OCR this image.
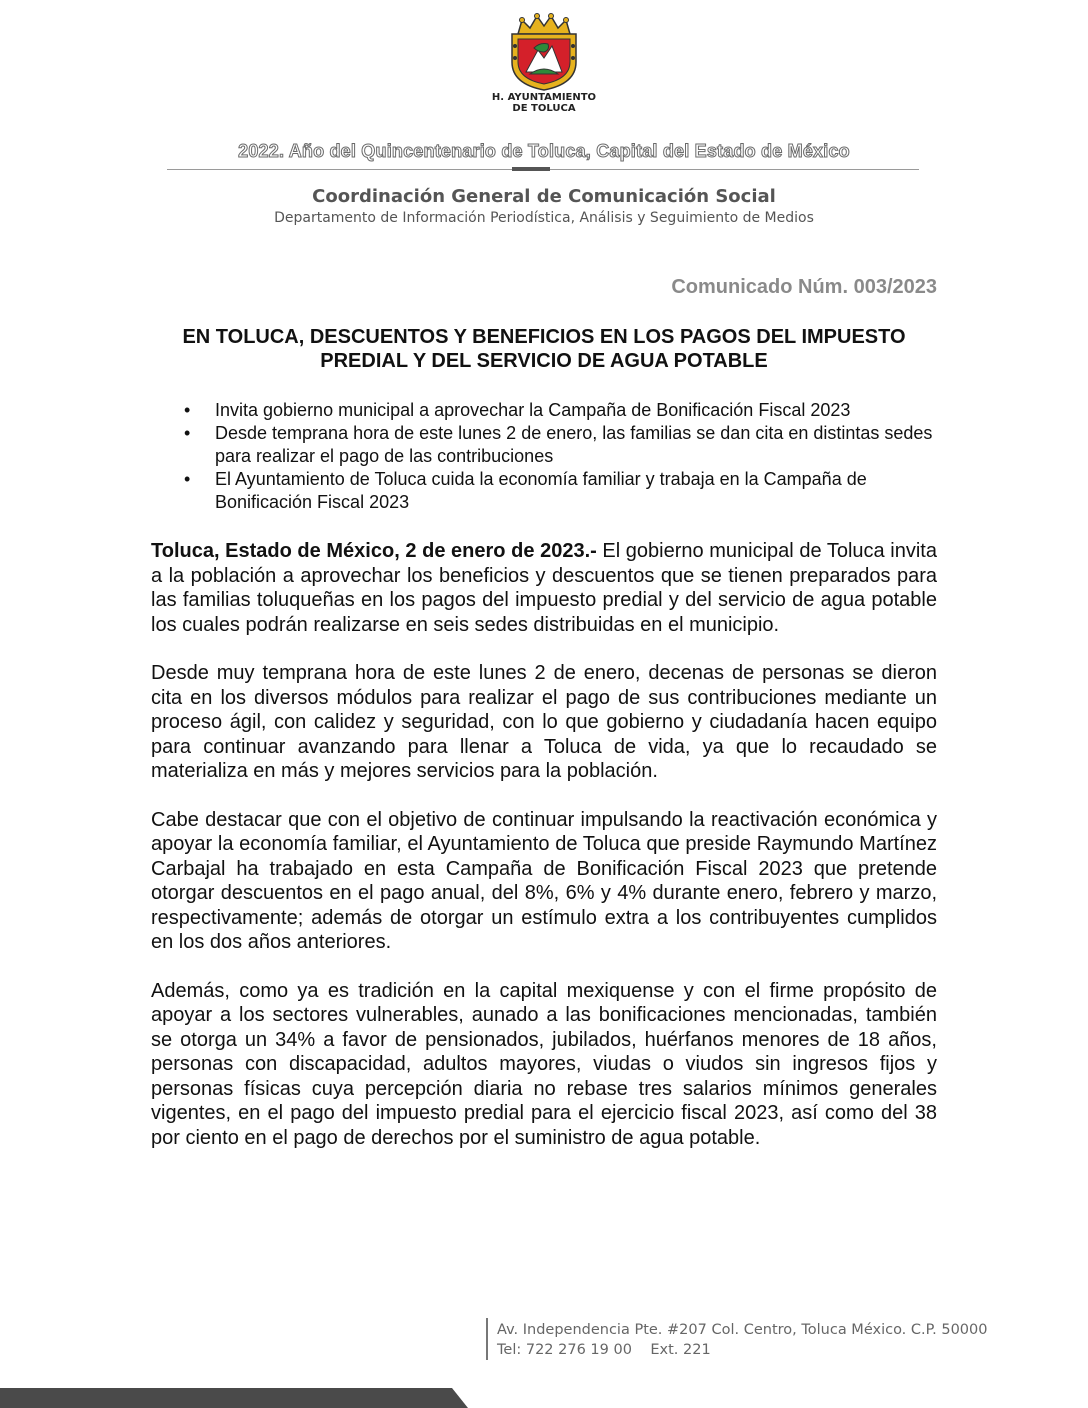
H. AYUNTAMIENTO
DE TOLUCA
2022. Año del Quincentenario de Toluca, Capital del Estado de México
Coordinación General de Comunicación Social
Departamento de Información Periodística, Análisis y Seguimiento de Medios
Comunicado Núm. 003/2023
EN TOLUCA, DESCUENTOS Y BENEFICIOS EN LOS PAGOS DEL IMPUESTO PREDIAL Y DEL SERVICIO DE AGUA POTABLE
• Invita gobierno municipal a aprovechar la Campaña de Bonificación Fiscal 2023
• Desde temprana hora de este lunes 2 de enero, las familias se dan cita en distintas sedes para realizar el pago de las contribuciones
• El Ayuntamiento de Toluca cuida la economía familiar y trabaja en la Campaña de Bonificación Fiscal 2023

Toluca, Estado de México, 2 de enero de 2023.- El gobierno municipal de Toluca invita a la población a aprovechar los beneficios y descuentos que se tienen preparados para las familias toluqueñas en los pagos del impuesto predial y del servicio de agua potable los cuales podrán realizarse en seis sedes distribuidas en el municipio.

Desde muy temprana hora de este lunes 2 de enero, decenas de personas se dieron cita en los diversos módulos para realizar el pago de sus contribuciones mediante un proceso ágil, con calidez y seguridad, con lo que gobierno y ciudadanía hacen equipo para continuar avanzando para llenar a Toluca de vida, ya que lo recaudado se materializa en más y mejores servicios para la población.

Cabe destacar que con el objetivo de continuar impulsando la reactivación económica y apoyar la economía familiar, el Ayuntamiento de Toluca que preside Raymundo Martínez Carbajal ha trabajado en esta Campaña de Bonificación Fiscal 2023 que pretende otorgar descuentos en el pago anual, del 8%, 6% y 4% durante enero, febrero y marzo, respectivamente; además de otorgar un estímulo extra a los contribuyentes cumplidos en los dos años anteriores.

Además, como ya es tradición en la capital mexiquense y con el firme propósito de apoyar a los sectores vulnerables, aunado a las bonificaciones mencionadas, también se otorga un 34% a favor de pensionados, jubilados, huérfanos menores de 18 años, personas con discapacidad, adultos mayores, viudas o viudos sin ingresos fijos y personas físicas cuya percepción diaria no rebase tres salarios mínimos generales vigentes, en el pago del impuesto predial para el ejercicio fiscal 2023, así como del 38 por ciento en el pago de derechos por el suministro de agua potable.

Av. Independencia Pte. #207 Col. Centro, Toluca México. C.P. 50000
Tel: 722 276 19 00    Ext. 221
